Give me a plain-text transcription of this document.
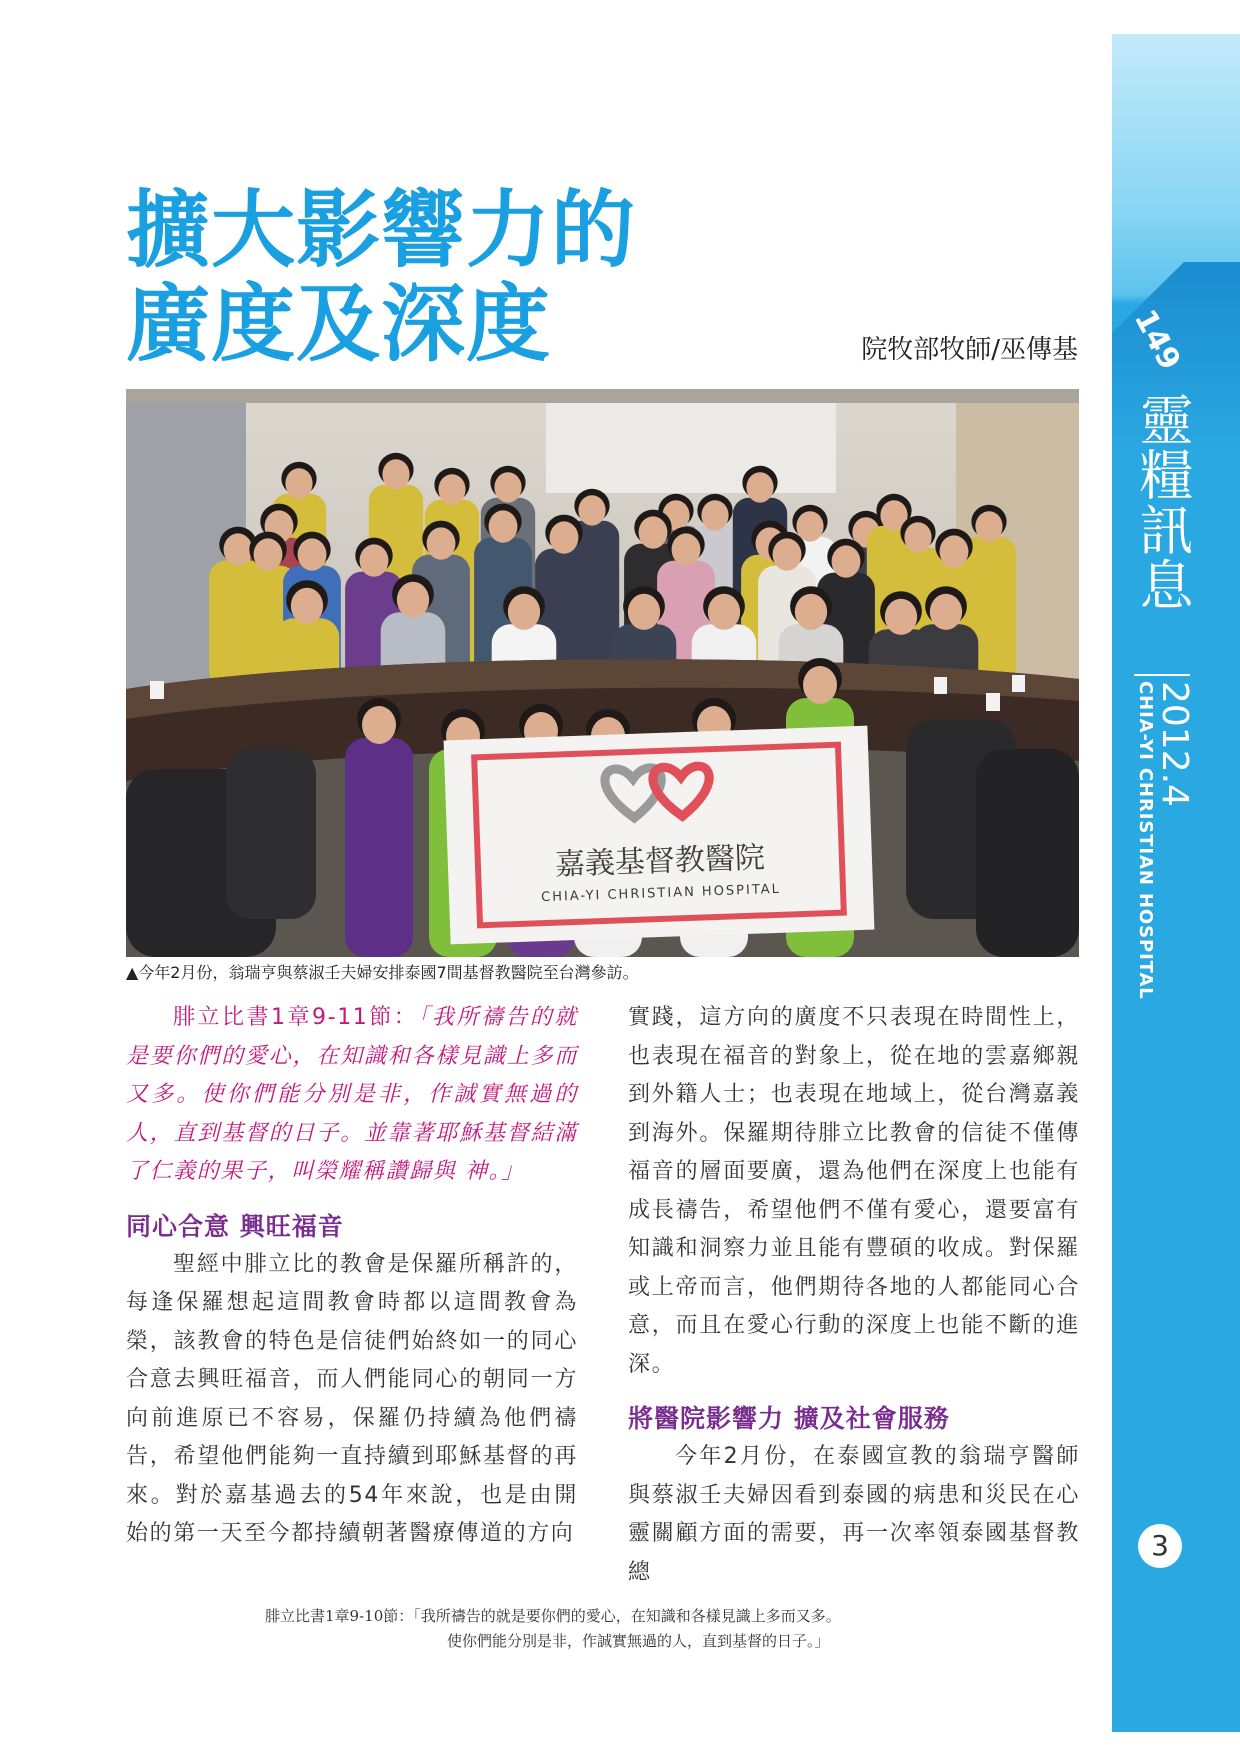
擴大影響力的
廣度及深度	院牧部牧師/巫傳基
嘉義基督教醫院
CHIA-YI CHRISTIAN HOSPITAL
▲今年2月份，翁瑞亨與蔡淑壬夫婦安排泰國7間基督教醫院至台灣參訪。

腓立比書1章9-11節：「我所禱告的就是要你們的愛心，在知識和各樣見識上多而又多。使你們能分別是非，作誠實無過的人，直到基督的日子。並靠著耶穌基督結滿了仁義的果子，叫榮耀稱讚歸與 神。」

同心合意 興旺福音

聖經中腓立比的教會是保羅所稱許的，每逢保羅想起這間教會時都以這間教會為榮，該教會的特色是信徒們始終如一的同心合意去興旺福音，而人們能同心的朝同一方向前進原已不容易，保羅仍持續為他們禱告，希望他們能夠一直持續到耶穌基督的再來。對於嘉基過去的54年來說，也是由開始的第一天至今都持續朝著醫療傳道的方向

實踐，這方向的廣度不只表現在時間性上，也表現在福音的對象上，從在地的雲嘉鄉親到外籍人士；也表現在地域上，從台灣嘉義到海外。保羅期待腓立比教會的信徒不僅傳福音的層面要廣，還為他們在深度上也能有成長禱告，希望他們不僅有愛心，還要富有知識和洞察力並且能有豐碩的收成。對保羅或上帝而言，他們期待各地的人都能同心合意，而且在愛心行動的深度上也能不斷的進深。

將醫院影響力 擴及社會服務

今年2月份，在泰國宣教的翁瑞亨醫師與蔡淑壬夫婦因看到泰國的病患和災民在心靈關顧方面的需要，再一次率領泰國基督教總

腓立比書1章9-10節：「我所禱告的就是要你們的愛心，在知識和各樣見識上多而又多。
使你們能分別是非，作誠實無過的人，直到基督的日子。」
149
靈糧訊息
2012.4
CHIA-YI CHRISTIAN HOSPITAL
3
